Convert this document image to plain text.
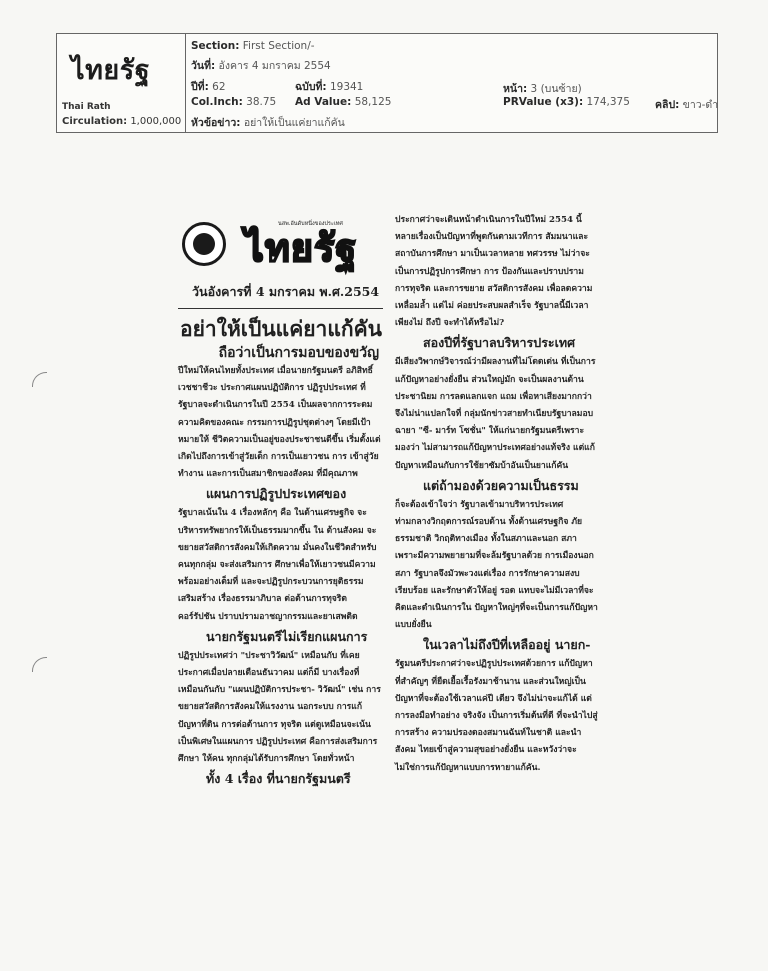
ไทยรัฐ
Thai Rath
Circulation: 1,000,000
Section: First Section/-
วันที่: อังคาร 4 มกราคม 2554
ปีที่: 62	ฉบับที่: 19341	หน้า: 3 (บนซ้าย)
Col.Inch: 38.75 Ad Value: 58,125	PRValue (x3): 174,375 คลิป: ขาว-ดำ
หัวข้อข่าว: อย่าให้เป็นแค่ยาแก้คัน
นสพ.อันดับหนึ่งของประเทศ
ไทยรัฐ
วันอังคารที่ 4 มกราคม พ.ศ.2554
อย่าให้เป็นแค่ยาแก้คัน
ถือว่าเป็นการมอบของขวัญ

ปีใหม่ให้คนไทยทั้งประเทศ เมื่อนายกรัฐมนตรี อภิสิทธิ์ เวชชาชีวะ ประกาศแผนปฏิบัติการ ปฏิรูปประเทศ ที่รัฐบาลจะดำเนินการในปี 2554 เป็นผลจากการระดมความคิดของคณะ กรรมการปฏิรูปชุดต่างๆ โดยมีเป้าหมายให้ ชีวิตความเป็นอยู่ของประชาชนดีขึ้น เริ่มตั้งแต่ เกิดไปถึงการเข้าสู่วัยเด็ก การเป็นเยาวชน การ เข้าสู่วัยทำงาน และการเป็นสมาชิกของสังคม ที่มีคุณภาพ

แผนการปฏิรูปประเทศของ

รัฐบาลเน้นใน 4 เรื่องหลักๆ คือ ในด้านเศรษฐกิจ จะบริหารทรัพยากรให้เป็นธรรมมากขึ้น ใน ด้านสังคม จะขยายสวัสดิการสังคมให้เกิดความ มั่นคงในชีวิตสำหรับคนทุกกลุ่ม จะส่งเสริมการ ศึกษาเพื่อให้เยาวชนมีความพร้อมอย่างเต็มที่ และจะปฏิรูปกระบวนการยุติธรรม เสริมสร้าง เรื่องธรรมาภิบาล ต่อต้านการทุจริตคอร์รัปชัน ปราบปรามอาชญากรรมและยาเสพติด

นายกรัฐมนตรีไม่เรียกแผนการ

ปฏิรูปประเทศว่า "ประชาวิวัฒน์" เหมือนกับ ที่เคยประกาศเมื่อปลายเดือนธันวาคม แต่ก็มี บางเรื่องที่เหมือนกันกับ "แผนปฏิบัติการประชา- วิวัฒน์" เช่น การขยายสวัสดิการสังคมให้แรงงาน นอกระบบ การแก้ปัญหาที่ดิน การต่อต้านการ ทุจริต แต่ดูเหมือนจะเน้นเป็นพิเศษในแผนการ ปฏิรูปประเทศ คือการส่งเสริมการศึกษา ให้คน ทุกกลุ่มได้รับการศึกษา โดยทั่วหน้า

ทั้ง 4 เรื่อง ที่นายกรัฐมนตรี

ประกาศว่าจะเดินหน้าดำเนินการในปีใหม่ 2554 นี้ หลายเรื่องเป็นปัญหาที่พูดกันตามเวทีการ สัมมนาและสถาบันการศึกษา มาเป็นเวลาหลาย ทศวรรษ ไม่ว่าจะเป็นการปฏิรูปการศึกษา การ ป้องกันและปราบปรามการทุจริต และการขยาย สวัสดิการสังคม เพื่อลดความเหลื่อมล้ำ แต่ไม่ ค่อยประสบผลสำเร็จ รัฐบาลนี้มีเวลาเพียงไม่ ถึงปี จะทำได้หรือไม่?

สองปีที่รัฐบาลบริหารประเทศ

มีเสียงวิพากษ์วิจารณ์ว่ามีผลงานที่ไม่โดดเด่น ที่เป็นการแก้ปัญหาอย่างยั่งยืน ส่วนใหญ่มัก จะเป็นผลงานด้านประชานิยม การลดแลกแจก แถม เพื่อหาเสียงมากกว่า จึงไม่น่าแปลกใจที่ กลุ่มนักข่าวสายทำเนียบรัฐบาลมอบฉายา "ซี- มาร์ท โซชั่น" ให้แก่นายกรัฐมนตรีเพราะมองว่า ไม่สามารถแก้ปัญหาประเทศอย่างแท้จริง แต่แก้ ปัญหาเหมือนกับการใช้ยาซัมบ้าอันเป็นยาแก้คัน

แต่ถ้ามองด้วยความเป็นธรรม

ก็จะต้องเข้าใจว่า รัฐบาลเข้ามาบริหารประเทศ ท่ามกลางวิกฤตการณ์รอบด้าน ทั้งด้านเศรษฐกิจ ภัยธรรมชาติ วิกฤติทางเมือง ทั้งในสภาและนอก สภา เพราะมีความพยายามที่จะล้มรัฐบาลด้วย การเมืองนอกสภา รัฐบาลจึงมัวพะวงแต่เรื่อง การรักษาความสงบเรียบร้อย และรักษาตัวให้อยู่ รอด แทบจะไม่มีเวลาที่จะคิดและดำเนินการใน ปัญหาใหญ่ๆที่จะเป็นการแก้ปัญหาแบบยั่งยืน

ในเวลาไม่ถึงปีที่เหลืออยู่ นายก-

รัฐมนตรีประกาศว่าจะปฏิรูปประเทศด้วยการ แก้ปัญหาที่สำคัญๆ ที่ยืดเยื้อเรื้อรังมาช้านาน และส่วนใหญ่เป็นปัญหาที่จะต้องใช้เวลาแค่ปี เดียว จึงไม่น่าจะแก้ได้ แต่การลงมือทำอย่าง จริงจัง เป็นการเริ่มต้นที่ดี ที่จะนำไปสู่การสร้าง ความปรองดองสมานฉันท์ในชาติ และนำสังคม ไทยเข้าสู่ความสุขอย่างยั่งยืน และหวังว่าจะ ไม่ใช่การแก้ปัญหาแบบการหายาแก้คัน.
